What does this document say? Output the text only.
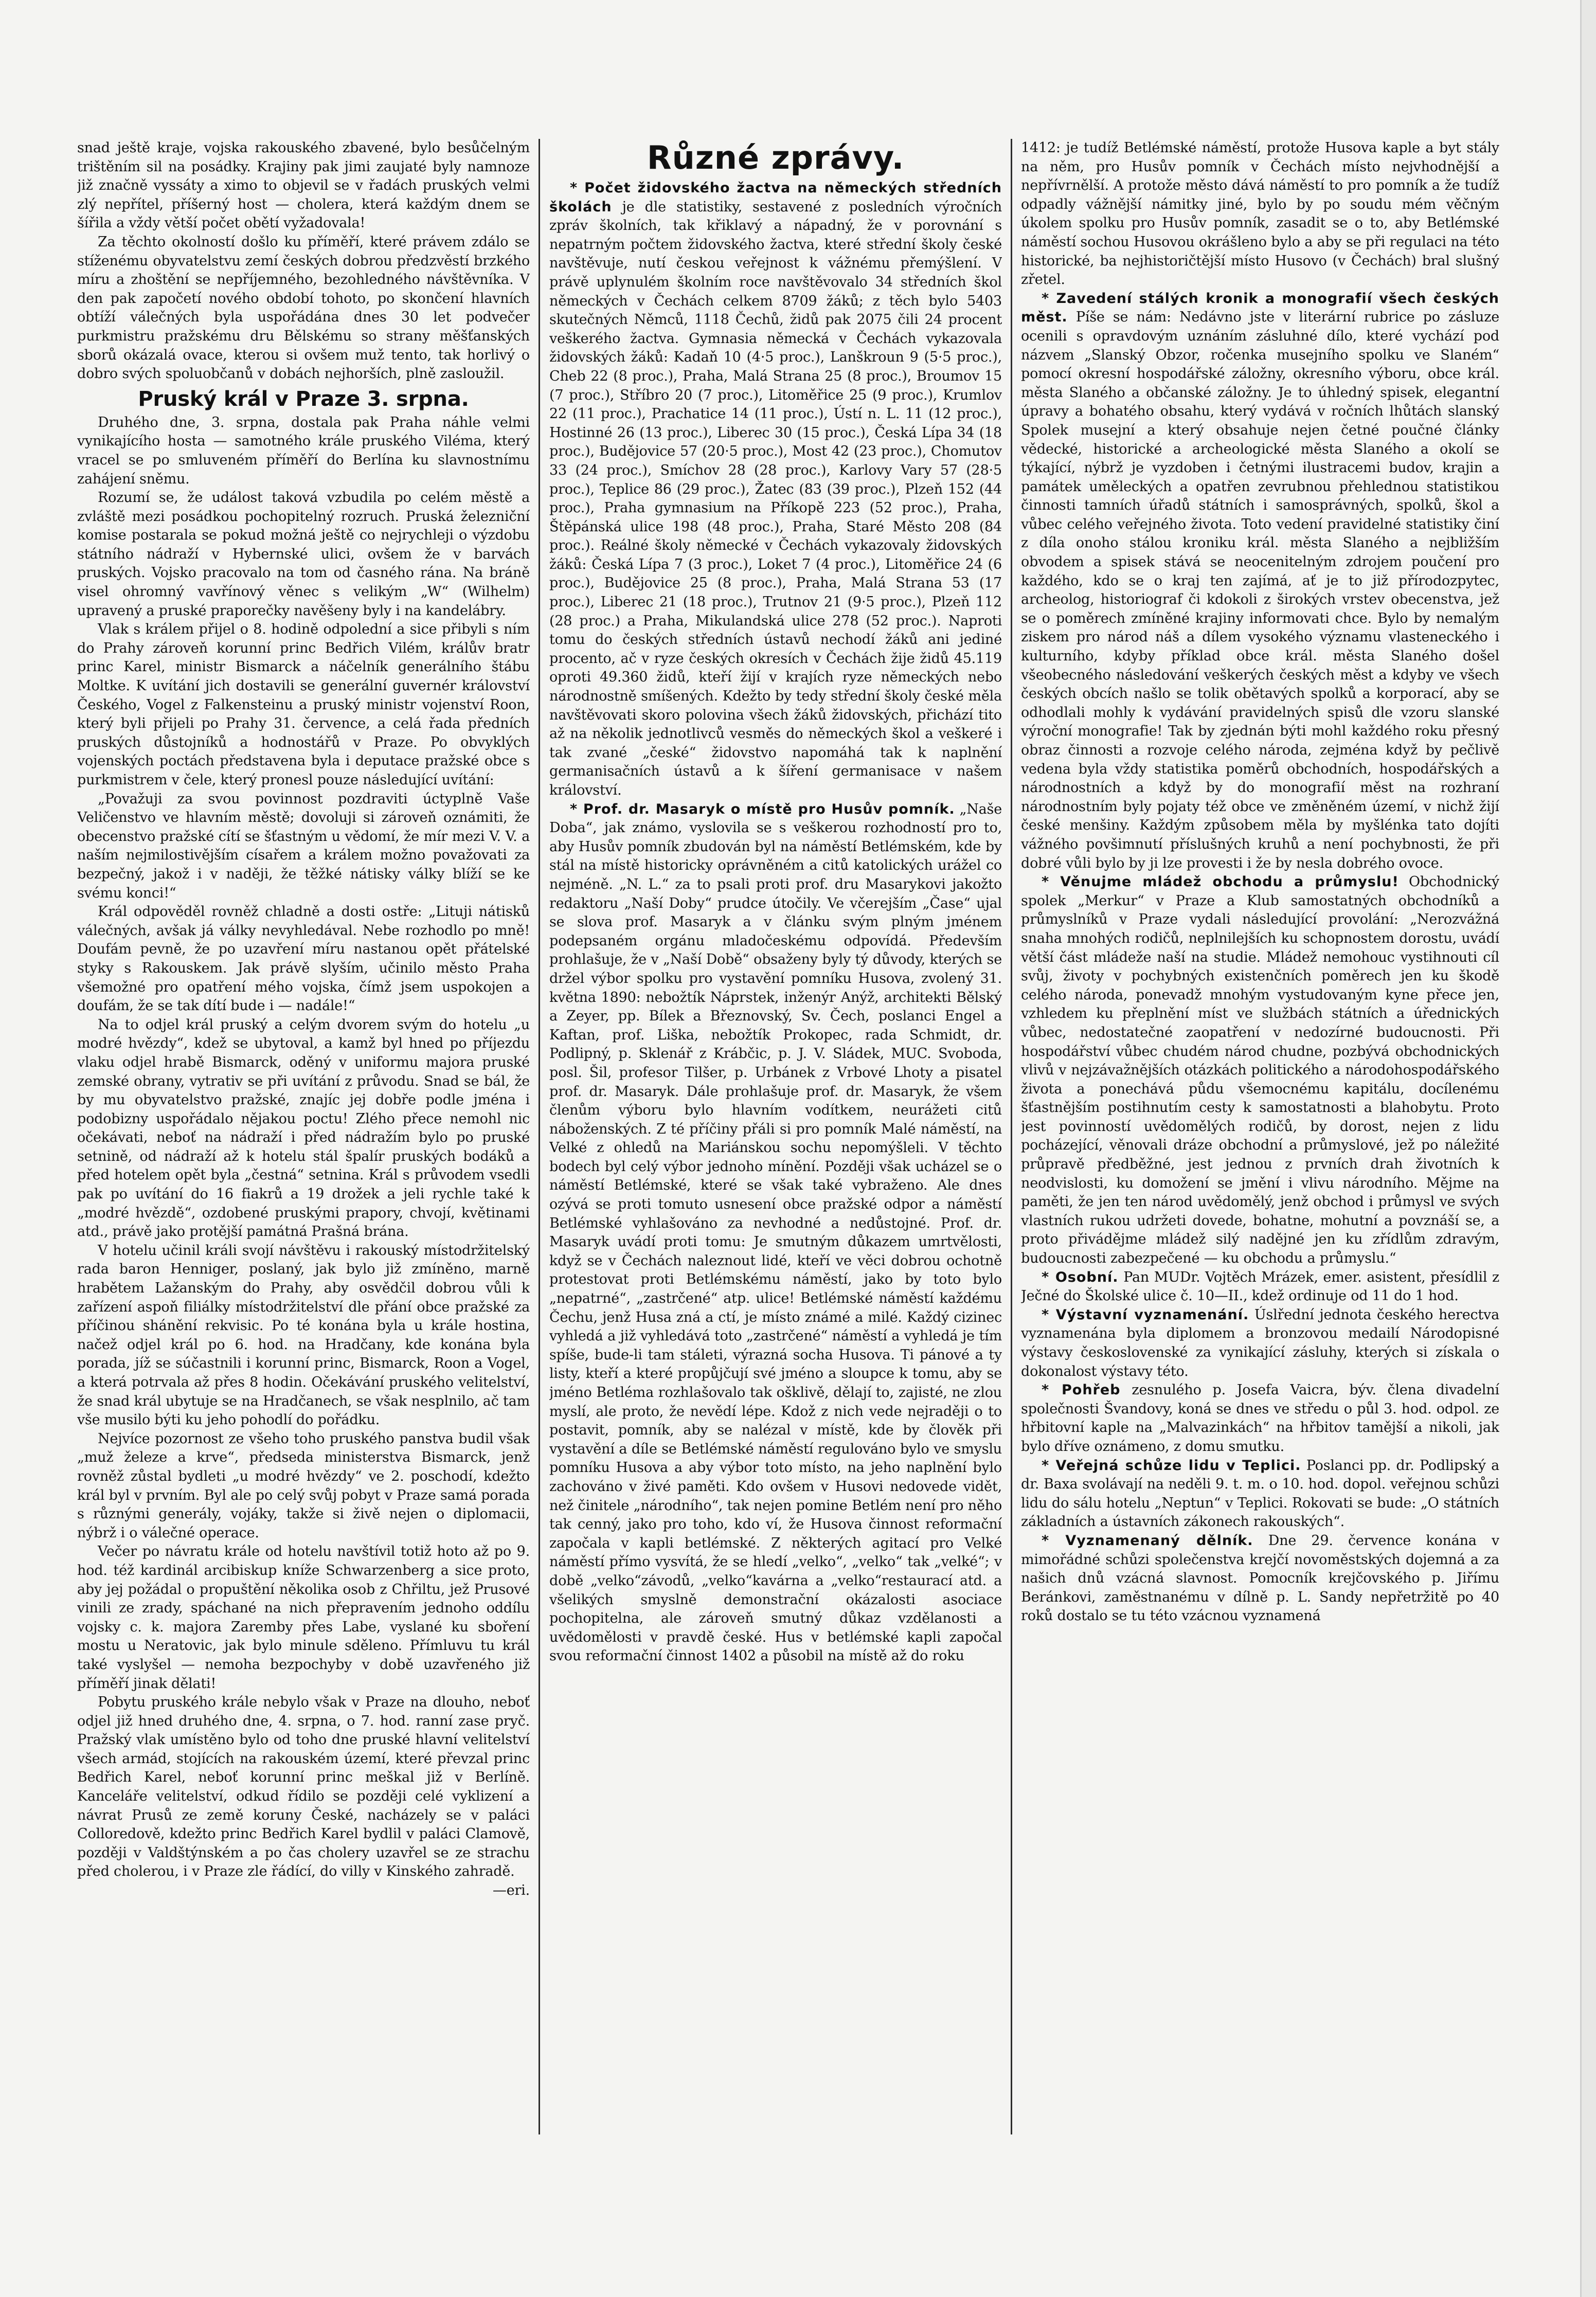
snad ještě kraje, vojska rakouského zbavené, bylo besůčelným trištěním sil na posádky. Krajiny pak jimi zaujaté byly namnoze již značně vyssáty a ximo to objevil se v řadách pruských velmi zlý nepřítel, příšerný host — cholera, která každým dnem se šířila a vždy větší počet obětí vyžadovala!

Za těchto okolností došlo ku příměří, které právem zdálo se stíženému obyvatelstvu zemí českých dobrou předzvěstí brzkého míru a zhoštění se nepříjemného, bezohledného návštěvníka. V den pak započetí nového období tohoto, po skončení hlavních obtíží válečných byla uspořádána dnes 30 let podvečer purkmistru pražskému dru Bělskému so strany měšťanských sborů okázalá ovace, kterou si ovšem muž tento, tak horlivý o dobro svých spoluobčanů v dobách nejhorších, plně zasloužil.

Pruský král v Praze 3. srpna.

Druhého dne, 3. srpna, dostala pak Praha náhle velmi vynikajícího hosta — samotného krále pruského Viléma, který vracel se po smluveném příměří do Berlína ku slavnostnímu zahájení sněmu.

Rozumí se, že událost taková vzbudila po celém městě a zvláště mezi posádkou pochopitelný rozruch. Pruská železniční komise postarala se pokud možná ještě co nejrychleji o výzdobu státního nádraží v Hybernské ulici, ovšem že v barvách pruských. Vojsko pracovalo na tom od časného rána. Na bráně visel ohromný vavřínový věnec s velikým „W“ (Wilhelm) upravený a pruské praporečky navěšeny byly i na kandelábry.

Vlak s králem přijel o 8. hodině odpolední a sice přibyli s ním do Prahy zároveň korunní princ Bedřich Vilém, králův bratr princ Karel, ministr Bismarck a náčelník generálního štábu Moltke. K uvítání jich dostavili se generální guvernér království Českého, Vogel z Falkensteinu a pruský ministr vojenství Roon, který byli přijeli po Prahy 31. července, a celá řada předních pruských důstojníků a hodnostářů v Praze. Po obvyklých vojenských poctách představena byla i deputace pražské obce s purkmistrem v čele, který pronesl pouze následující uvítání:

„Považuji za svou povinnost pozdraviti úctyplně Vaše Veličenstvo ve hlavním městě; dovoluji si zároveň oznámiti, že obecenstvo pražské cítí se šťastným u vědomí, že mír mezi V. V. a naším nejmilostivějším císařem a králem možno považovati za bezpečný, jakož i v naději, že těžké nátisky války blíží se ke svému konci!“

Král odpověděl rovněž chladně a dosti ostře: „Lituji nátisků válečných, avšak já války nevyhledával. Nebe rozhodlo po mně! Doufám pevně, že po uzavření míru nastanou opět přátelské styky s Rakouskem. Jak právě slyším, učinilo město Praha všemožné pro opatření mého vojska, čímž jsem uspokojen a doufám, že se tak dítí bude i — nadále!“

Na to odjel král pruský a celým dvorem svým do hotelu „u modré hvězdy“, kdež se ubytoval, a kamž byl hned po příjezdu vlaku odjel hrabě Bismarck, oděný v uniformu majora pruské zemské obrany, vytrativ se při uvítání z průvodu. Snad se bál, že by mu obyvatelstvo pražské, znajíc jej dobře podle jména i podobizny uspořádalo nějakou poctu! Zlého přece nemohl nic očekávati, neboť na nádraží i před nádražím bylo po pruské setnině, od nádraží až k hotelu stál špalír pruských bodáků a před hotelem opět byla „čestná“ setnina. Král s průvodem vsedli pak po uvítání do 16 fiakrů a 19 drožek a jeli rychle také k „modré hvězdě“, ozdobené pruskými prapory, chvojí, květinami atd., právě jako protější památná Prašná brána.

V hotelu učinil králi svojí návštěvu i rakouský místodržitelský rada baron Henniger, poslaný, jak bylo již zmíněno, marně hrabětem Lažanským do Prahy, aby osvědčil dobrou vůli k zařízení aspoň filiálky místodržitelství dle přání obce pražské za příčinou shánění rekvisic. Po té konána byla u krále hostina, načež odjel král po 6. hod. na Hradčany, kde konána byla porada, jíž se súčastnili i korunní princ, Bismarck, Roon a Vogel, a která potrvala až přes 8 hodin. Očekávání pruského velitelství, že snad král ubytuje se na Hradčanech, se však nesplnilo, ač tam vše musilo býti ku jeho pohodlí do pořádku.

Nejvíce pozornost ze všeho toho pruského panstva budil však „muž železe a krve“, předseda ministerstva Bismarck, jenž rovněž zůstal bydleti „u modré hvězdy“ ve 2. poschodí, kdežto král byl v prvním. Byl ale po celý svůj pobyt v Praze samá porada s různými generály, vojáky, takže si živě nejen o diplomacii, nýbrž i o válečné operace.

Večer po návratu krále od hotelu navštívil totiž hoto až po 9. hod. též kardinál arcibiskup kníže Schwarzenberg a sice proto, aby jej požádal o propuštění několika osob z Chřiltu, jež Prusové vinili ze zrady, spáchané na nich přepravením jednoho oddílu vojsky c. k. majora Zaremby přes Labe, vyslané ku sboření mostu u Neratovic, jak bylo minule sděleno. Přímluvu tu král také vyslyšel — nemoha bezpochyby v době uzavřeného již příměří jinak dělati!

Pobytu pruského krále nebylo však v Praze na dlouho, neboť odjel již hned druhého dne, 4. srpna, o 7. hod. ranní zase pryč. Pražský vlak umístěno bylo od toho dne pruské hlavní velitelství všech armád, stojících na rakouském území, které převzal princ Bedřich Karel, neboť korunní princ meškal již v Berlíně. Kanceláře velitelství, odkud řídilo se později celé vyklizení a návrat Prusů ze země koruny České, nacházely se v paláci Colloredově, kdežto princ Bedřich Karel bydlil v paláci Clamově, později v Valdštýnském a po čas cholery uzavřel se ze strachu před cholerou, i v Praze zle řádící, do villy v Kinského zahradě.

—eri.

Různé zprávy.

* Počet židovského žactva na německých středních školách je dle statistiky, sestavené z posledních výročních zpráv školních, tak křiklavý a nápadný, že v porovnání s nepatrným počtem židovského žactva, které střední školy české navštěvuje, nutí českou veřejnost k vážnému přemýšlení. V právě uplynulém školním roce navštěvovalo 34 středních škol německých v Čechách celkem 8709 žáků; z těch bylo 5403 skutečných Němců, 1118 Čechů, židů pak 2075 čili 24 procent veškerého žactva. Gymnasia německá v Čechách vykazovala židovských žáků: Kadaň 10 (4·5 proc.), Lanškroun 9 (5·5 proc.), Cheb 22 (8 proc.), Praha, Malá Strana 25 (8 proc.), Broumov 15 (7 proc.), Stříbro 20 (7 proc.), Litoměřice 25 (9 proc.), Krumlov 22 (11 proc.), Prachatice 14 (11 proc.), Ústí n. L. 11 (12 proc.), Hostinné 26 (13 proc.), Liberec 30 (15 proc.), Česká Lípa 34 (18 proc.), Budějovice 57 (20·5 proc.), Most 42 (23 proc.), Chomutov 33 (24 proc.), Smíchov 28 (28 proc.), Karlovy Vary 57 (28·5 proc.), Teplice 86 (29 proc.), Žatec (83 (39 proc.), Plzeň 152 (44 proc.), Praha gymnasium na Příkopě 223 (52 proc.), Praha, Štěpánská ulice 198 (48 proc.), Praha, Staré Město 208 (84 proc.). Reálné školy německé v Čechách vykazovaly židovských žáků: Česká Lípa 7 (3 proc.), Loket 7 (4 proc.), Litoměřice 24 (6 proc.), Budějovice 25 (8 proc.), Praha, Malá Strana 53 (17 proc.), Liberec 21 (18 proc.), Trutnov 21 (9·5 proc.), Plzeň 112 (28 proc.) a Praha, Mikulandská ulice 278 (52 proc.). Naproti tomu do českých středních ústavů nechodí žáků ani jediné procento, ač v ryze českých okresích v Čechách žije židů 45.119 oproti 49.360 židů, kteří žijí v krajích ryze německých nebo národnostně smíšených. Kdežto by tedy střední školy české měla navštěvovati skoro polovina všech žáků židovských, přichází tito až na několik jednotlivců vesměs do německých škol a veškeré i tak zvané „české“ židovstvo napomáhá tak k naplnění germanisačních ústavů a k šíření germanisace v našem království.

* Prof. dr. Masaryk o místě pro Husův pomník. „Naše Doba“, jak známo, vyslovila se s veškerou rozhodností pro to, aby Husův pomník zbudován byl na náměstí Betlémském, kde by stál na místě historicky oprávněném a citů katolických urážel co nejméně. „N. L.“ za to psali proti prof. dru Masarykovi jakožto redaktoru „Naší Doby“ prudce útočily. Ve včerejším „Čase“ ujal se slova prof. Masaryk a v článku svým plným jménem podepsaném orgánu mladočeskému odpovídá. Především prohlašuje, že v „Naší Době“ obsaženy byly tý důvody, kterých se držel výbor spolku pro vystavění pomníku Husova, zvolený 31. května 1890: nebožtík Náprstek, inženýr Anýž, architekti Bělský a Zeyer, pp. Bílek a Březnovský, Sv. Čech, poslanci Engel a Kaftan, prof. Liška, nebožtík Prokopec, rada Schmidt, dr. Podlipný, p. Sklenář z Krábčic, p. J. V. Sládek, MUC. Svoboda, posl. Šil, profesor Tilšer, p. Urbánek z Vrbové Lhoty a pisatel prof. dr. Masaryk. Dále prohlašuje prof. dr. Masaryk, že všem členům výboru bylo hlavním vodítkem, neurážeti citů náboženských. Z té příčiny přáli si pro pomník Malé náměstí, na Velké z ohledů na Mariánskou sochu nepomýšleli. V těchto bodech byl celý výbor jednoho mínění. Později však ucházel se o náměstí Betlémské, které se však také vybraženo. Ale dnes ozývá se proti tomuto usnesení obce pražské odpor a náměstí Betlémské vyhlašováno za nevhodné a nedůstojné. Prof. dr. Masaryk uvádí proti tomu: Je smutným důkazem umrtvělosti, když se v Čechách naleznout lidé, kteří ve věci dobrou ochotně protestovat proti Betlémskému náměstí, jako by toto bylo „nepatrné“, „zastrčené“ atp. ulice! Betlémské náměstí každému Čechu, jenž Husa zná a ctí, je místo známé a milé. Každý cizinec vyhledá a již vyhledává toto „zastrčené“ náměstí a vyhledá je tím spíše, bude-li tam stáleti, výrazná socha Husova. Ti pánové a ty listy, kteří a které propůjčují své jméno a sloupce k tomu, aby se jméno Betléma rozhlašovalo tak ošklivě, dělají to, zajisté, ne zlou myslí, ale proto, že nevědí lépe. Kdož z nich vede nejraději o to postavit, pomník, aby se nalézal v místě, kde by člověk při vystavění a díle se Betlémské náměstí regulováno bylo ve smyslu pomníku Husova a aby výbor toto místo, na jeho naplnění bylo zachováno v živé paměti. Kdo ovšem v Husovi nedovede vidět, než činitele „národního“, tak nejen pomine Betlém není pro něho tak cenný, jako pro toho, kdo ví, že Husova činnost reformační započala v kapli betlémské. Z některých agitací pro Velké náměstí přímo vysvítá, že se hledí „velko“, „velko“ tak „velké“; v době „velko“závodů, „velko“kavárna a „velko“restaurací atd. a všelikých smyslně demonstrační okázalosti asociace pochopitelna, ale zároveň smutný důkaz vzdělanosti a uvědomělosti v pravdě české. Hus v betlémské kapli započal svou reformační činnost 1402 a působil na místě až do roku

1412: je tudíž Betlémské náměstí, protože Husova kaple a byt stály na něm, pro Husův pomník v Čechách místo nejvhodnější a nepřívrnělší. A protože město dává náměstí to pro pomník a že tudíž odpadly vážnější námitky jiné, bylo by po soudu mém věčným úkolem spolku pro Husův pomník, zasadit se o to, aby Betlémské náměstí sochou Husovou okrášleno bylo a aby se při regulaci na této historické, ba nejhistoričtější místo Husovo (v Čechách) bral slušný zřetel.

* Zavedení stálých kronik a monografií všech českých měst. Píše se nám: Nedávno jste v literární rubrice po zásluze ocenili s opravdovým uznáním zásluhné dílo, které vychází pod názvem „Slanský Obzor, ročenka musejního spolku ve Slaném“ pomocí okresní hospodářské záložny, okresního výboru, obce král. města Slaného a občanské záložny. Je to úhledný spisek, elegantní úpravy a bohatého obsahu, který vydává v ročních lhůtách slanský Spolek musejní a který obsahuje nejen četné poučné články vědecké, historické a archeologické města Slaného a okolí se týkající, nýbrž je vyzdoben i četnými ilustracemi budov, krajin a památek uměleckých a opatřen zevrubnou přehlednou statistikou činnosti tamních úřadů státních i samosprávných, spolků, škol a vůbec celého veřejného života. Toto vedení pravidelné statistiky činí z díla onoho stálou kroniku král. města Slaného a nejbližším obvodem a spisek stává se neocenitelným zdrojem poučení pro každého, kdo se o kraj ten zajímá, ať je to již přírodozpytec, archeolog, historiograf či kdokoli z širokých vrstev obecenstva, jež se o poměrech zmíněné krajiny informovati chce. Bylo by nemalým ziskem pro národ náš a dílem vysokého významu vlasteneckého i kulturního, kdyby příklad obce král. města Slaného došel všeobecného následování veškerých českých měst a kdyby ve všech českých obcích našlo se tolik obětavých spolků a korporací, aby se odhodlali mohly k vydávání pravidelných spisů dle vzoru slanské výroční monografie! Tak by zjednán býti mohl každého roku přesný obraz činnosti a rozvoje celého národa, zejména když by pečlivě vedena byla vždy statistika poměrů obchodních, hospodářských a národnostních a když by do monografií měst na rozhraní národnostním byly pojaty též obce ve změněném území, v nichž žijí české menšiny. Každým způsobem měla by myšlénka tato dojíti vážného povšimnutí příslušných kruhů a není pochybnosti, že při dobré vůli bylo by ji lze provesti i že by nesla dobrého ovoce.

* Věnujme mládež obchodu a průmyslu! Obchodnický spolek „Merkur“ v Praze a Klub samostatných obchodníků a průmyslníků v Praze vydali následující provolání: „Nerozvážná snaha mnohých rodičů, neplnilejších ku schopnostem dorostu, uvádí větší část mládeže naší na studie. Mládež nemohouc vystihnouti cíl svůj, životy v pochybných existenčních poměrech jen ku škodě celého národa, ponevadž mnohým vystudovaným kyne přece jen, vzhledem ku přeplnění míst ve službách státních a úřednických vůbec, nedostatečné zaopatření v nedozírné budoucnosti. Při hospodářství vůbec chudém národ chudne, pozbývá obchodnických vlivů v nejzávažnějších otázkách politického a národohospodářského života a ponechává půdu všemocnému kapitálu, docílenému šťastnějším postihnutím cesty k samostatnosti a blahobytu. Proto jest povinností uvědomělých rodičů, by dorost, nejen z lidu pocházející, věnovali dráze obchodní a průmyslové, jež po náležité průpravě předběžné, jest jednou z prvních drah životních k neodvislosti, ku domožení se jmění i vlivu národního. Mějme na paměti, že jen ten národ uvědomělý, jenž obchod i průmysl ve svých vlastních rukou udržeti dovede, bohatne, mohutní a povznáší se, a proto přivádějme mládež silý nadějné jen ku zřídlům zdravým, budoucnosti zabezpečené — ku obchodu a průmyslu.“

* Osobní. Pan MUDr. Vojtěch Mrázek, emer. asistent, přesídlil z Ječné do Školské ulice č. 10—II., kdež ordinuje od 11 do 1 hod.

* Výstavní vyznamenání. Úslřední jednota českého herectva vyznamenána byla diplomem a bronzovou medailí Národopisné výstavy československé za vynikající zásluhy, kterých si získala o dokonalost výstavy této.

* Pohřeb zesnulého p. Josefa Vaicra, býv. člena divadelní společnosti Švandovy, koná se dnes ve středu o půl 3. hod. odpol. ze hřbitovní kaple na „Malvazinkách“ na hřbitov tamější a nikoli, jak bylo dříve oznámeno, z domu smutku.

* Veřejná schůze lidu v Teplici. Poslanci pp. dr. Podlipský a dr. Baxa svolávají na neděli 9. t. m. o 10. hod. dopol. veřejnou schůzi lidu do sálu hotelu „Neptun“ v Teplici. Rokovati se bude: „O státních základních a ústavních zákonech rakouských“.

* Vyznamenaný dělník. Dne 29. července konána v mimořádné schůzi společenstva krejčí novoměstských dojemná a za našich dnů vzácná slavnost. Pomocník krejčovského p. Jiřímu Beránkovi, zaměstnanému v dílně p. L. Sandy nepřetržitě po 40 roků dostalo se tu této vzácnou vyznamená
